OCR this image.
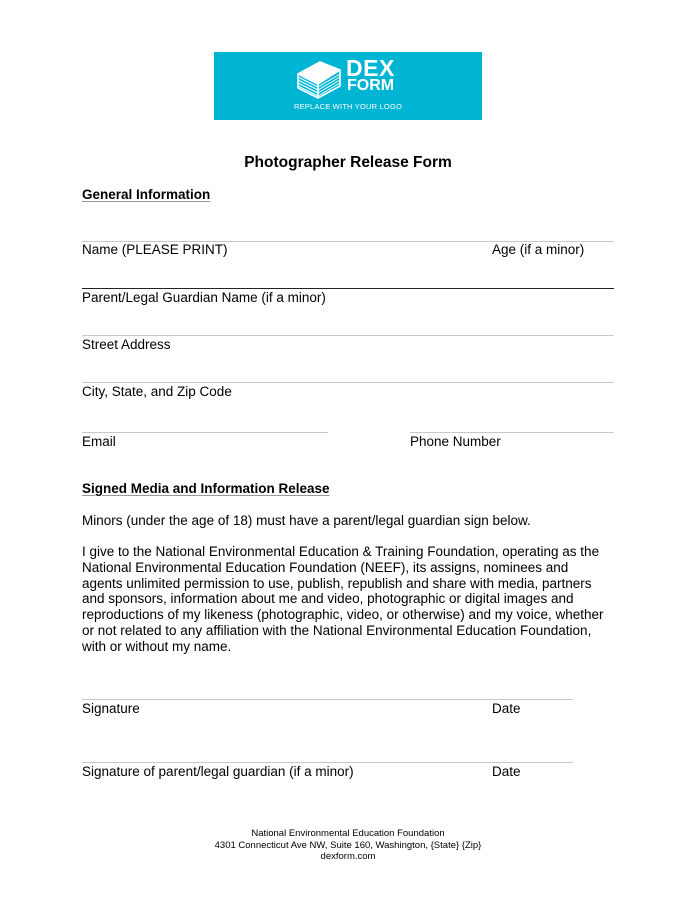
DEX
FORM
REPLACE WITH YOUR LOGO
Photographer Release Form
General Information
Name (PLEASE PRINT)	Age (if a minor)
Parent/Legal Guardian Name (if a minor)
Street Address
City, State, and Zip Code
Email	Phone Number
Signed Media and Information Release
Minors (under the age of 18) must have a parent/legal guardian sign below.
I give to the National Environmental Education & Training Foundation, operating as the
National Environmental Education Foundation (NEEF), its assigns, nominees and
agents unlimited permission to use, publish, republish and share with media, partners
and sponsors, information about me and video, photographic or digital images and
reproductions of my likeness (photographic, video, or otherwise) and my voice, whether
or not related to any affiliation with the National Environmental Education Foundation,
with or without my name.
Signature	Date
Signature of parent/legal guardian (if a minor)	Date
National Environmental Education Foundation
4301 Connecticut Ave NW, Suite 160, Washington, {State} {Zip}
dexform.com
